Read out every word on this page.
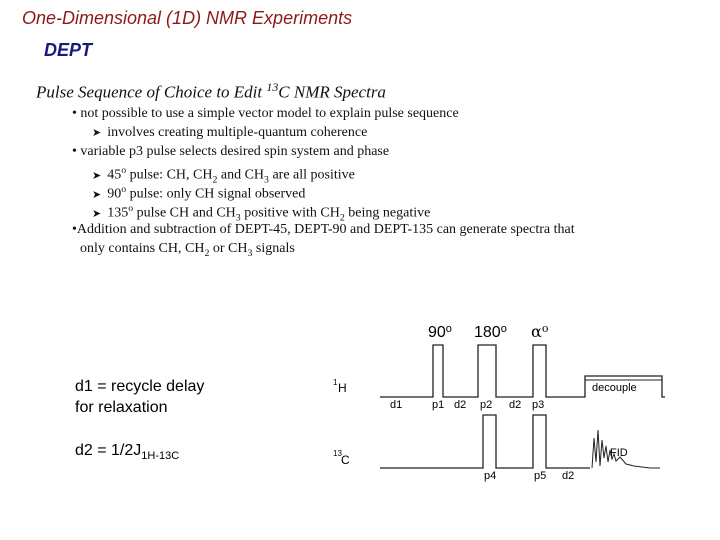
One-Dimensional (1D) NMR Experiments
DEPT
Pulse Sequence of Choice to Edit $^{13}$C NMR Spectra
• not possible to use a simple vector model to explain pulse sequence
➤ involves creating multiple-quantum coherence
• variable p3 pulse selects desired spin system and phase
➤ 45$^o$ pulse: CH, $CH_2$ and $CH_3$ are all positive
➤ 90$^o$ pulse: only CH signal observed
➤ 135$^o$ pulse CH and $CH_3$ positive with $CH_2$ being negative
•Addition and subtraction of DEPT-45, DEPT-90 and DEPT-135 can generate spectra that
only contains CH, $CH_2$ or $CH_3$ signals
d1 = recycle delay
for relaxation
$d2 = 1/2J_{1H-13C}$
90$^o$ 180$^o$ $\alpha^o$
1 H	decouple
d1	p1 d2 p2 d2 p3
13 C	FID
p4	p5 d2
